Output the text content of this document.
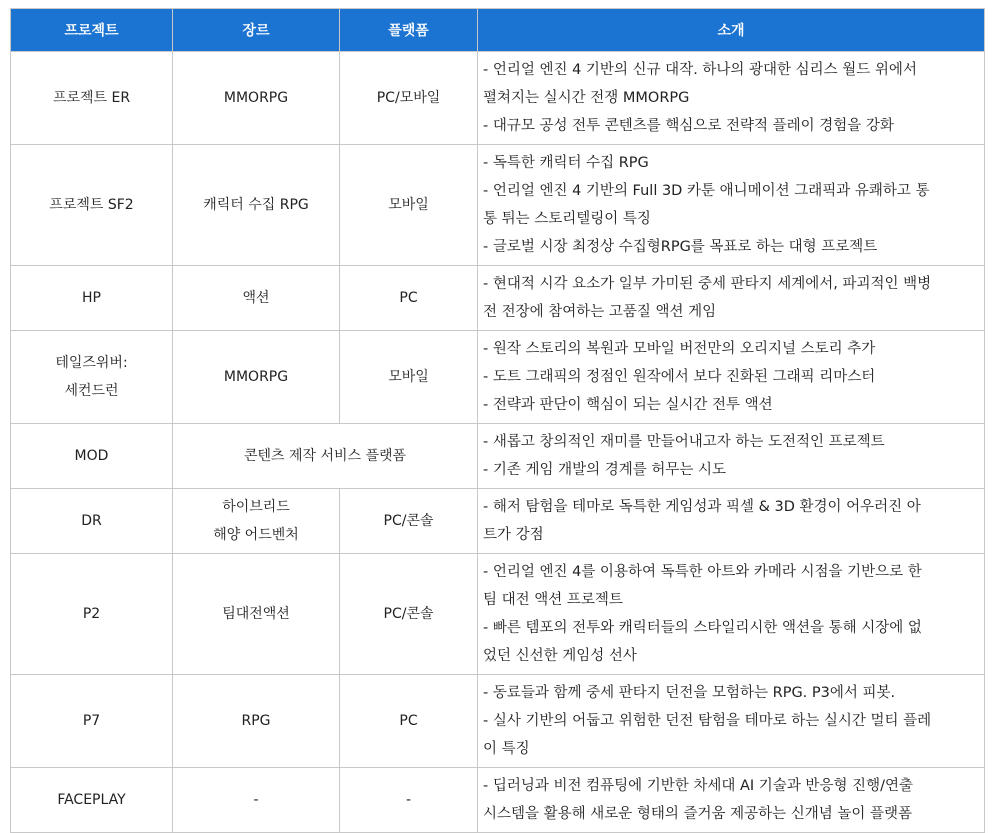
프로젝트	장르	플랫폼	소개
프로젝트 ER	MMORPG	PC/모바일	- 언리얼 엔진 4 기반의 신규 대작. 하나의 광대한 심리스 월드 위에서
펼쳐지는 실시간 전쟁 MMORPG
- 대규모 공성 전투 콘텐츠를 핵심으로 전략적 플레이 경험을 강화

프로젝트 SF2	캐릭터 수집 RPG	모바일	- 독특한 캐릭터 수집 RPG
- 언리얼 엔진 4 기반의 Full 3D 카툰 애니메이션 그래픽과 유쾌하고 통
통 튀는 스토리텔링이 특징
- 글로벌 시장 최정상 수집형RPG를 목표로 하는 대형 프로젝트

HP	액션	PC	- 현대적 시각 요소가 일부 가미된 중세 판타지 세계에서, 파괴적인 백병
전 전장에 참여하는 고품질 액션 게임

테일즈위버:
세컨드런	MMORPG	모바일	- 원작 스토리의 복원과 모바일 버전만의 오리지널 스토리 추가
- 도트 그래픽의 정점인 원작에서 보다 진화된 그래픽 리마스터
- 전략과 판단이 핵심이 되는 실시간 전투 액션

MOD	콘텐츠 제작 서비스 플랫폼		- 새롭고 창의적인 재미를 만들어내고자 하는 도전적인 프로젝트
- 기존 게임 개발의 경계를 허무는 시도

DR	하이브리드
해양 어드벤처	PC/콘솔	- 해저 탐험을 테마로 독특한 게임성과 픽셀 & 3D 환경이 어우러진 아
트가 강점

P2	팀대전액션	PC/콘솔	- 언리얼 엔진 4를 이용하여 독특한 아트와 카메라 시점을 기반으로 한
팀 대전 액션 프로젝트
- 빠른 템포의 전투와 캐릭터들의 스타일리시한 액션을 통해 시장에 없
었던 신선한 게임성 선사

P7	RPG	PC	- 동료들과 함께 중세 판타지 던전을 모험하는 RPG. P3에서 피봇.
- 실사 기반의 어둡고 위험한 던전 탐험을 테마로 하는 실시간 멀티 플레
이 특징

FACEPLAY	-	-	- 딥러닝과 비전 컴퓨팅에 기반한 차세대 AI 기술과 반응형 진행/연출
시스템을 활용해 새로운 형태의 즐거움 제공하는 신개념 놀이 플랫폼
